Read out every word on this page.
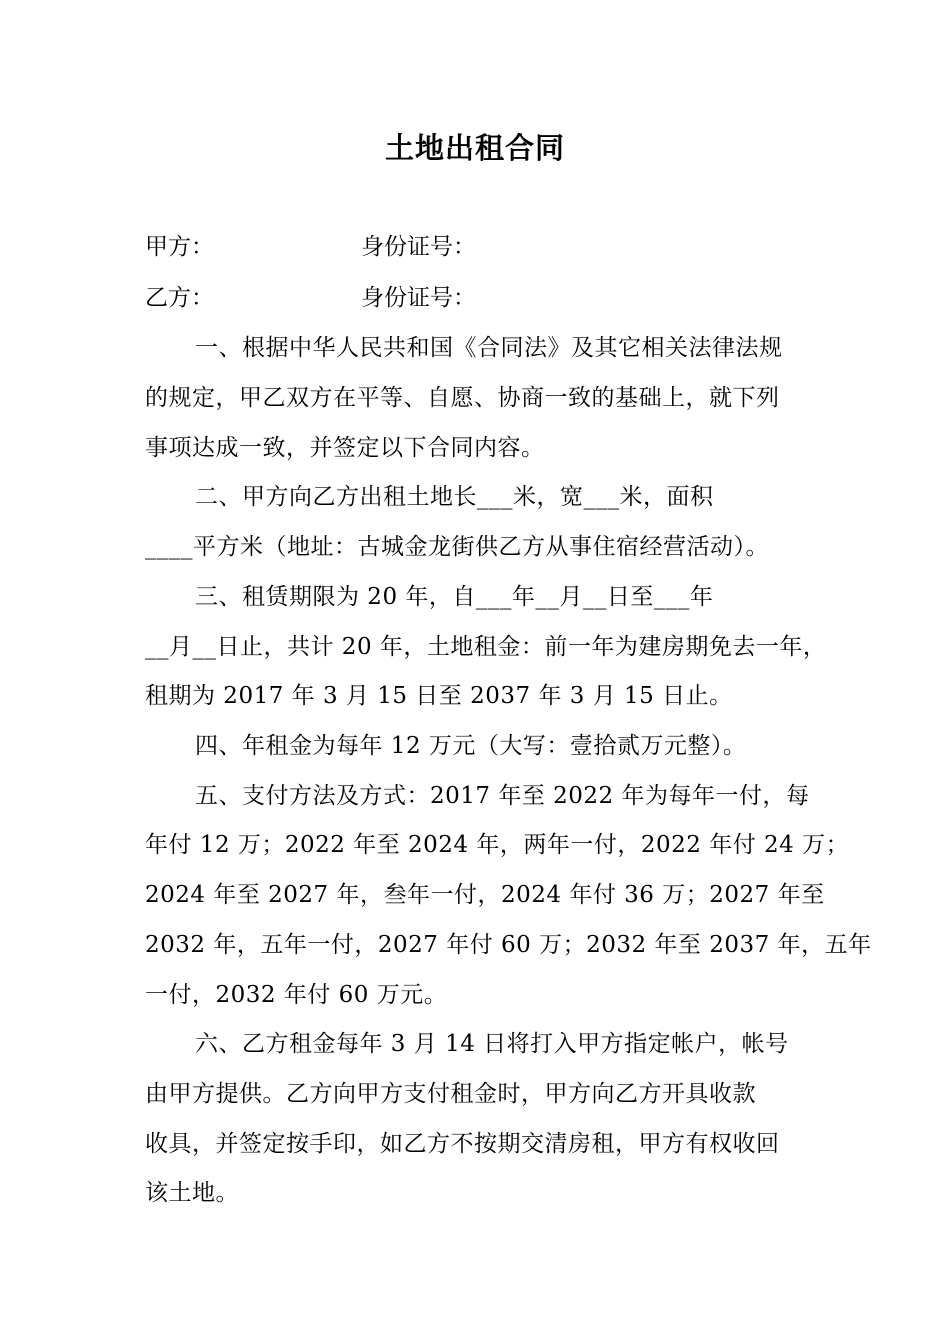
土地出租合同
甲方：	身份证号：
乙方：	身份证号：
一、根据中华人民共和国《合同法》及其它相关法律法规
的规定，甲乙双方在平等、自愿、协商一致的基础上，就下列
事项达成一致，并签定以下合同内容。
二、甲方向乙方出租土地长___米，宽___米，面积
____平方米（地址：古城金龙街供乙方从事住宿经营活动）。
三、租赁期限为 20 年，自___年__月__日至___年
__月__日止，共计 20 年，土地租金：前一年为建房期免去一年，
租期为 2017 年 3 月 15 日至 2037 年 3 月 15 日止。
四、年租金为每年 12 万元（大写：壹拾贰万元整）。
五、支付方法及方式：2017 年至 2022 年为每年一付，每
年付 12 万；2022 年至 2024 年，两年一付，2022 年付 24 万；
2024 年至 2027 年，叁年一付，2024 年付 36 万；2027 年至
2032 年，五年一付，2027 年付 60 万；2032 年至 2037 年，五年
一付，2032 年付 60 万元。
六、乙方租金每年 3 月 14 日将打入甲方指定帐户，帐号
由甲方提供。乙方向甲方支付租金时，甲方向乙方开具收款
收具，并签定按手印，如乙方不按期交清房租，甲方有权收回
该土地。
